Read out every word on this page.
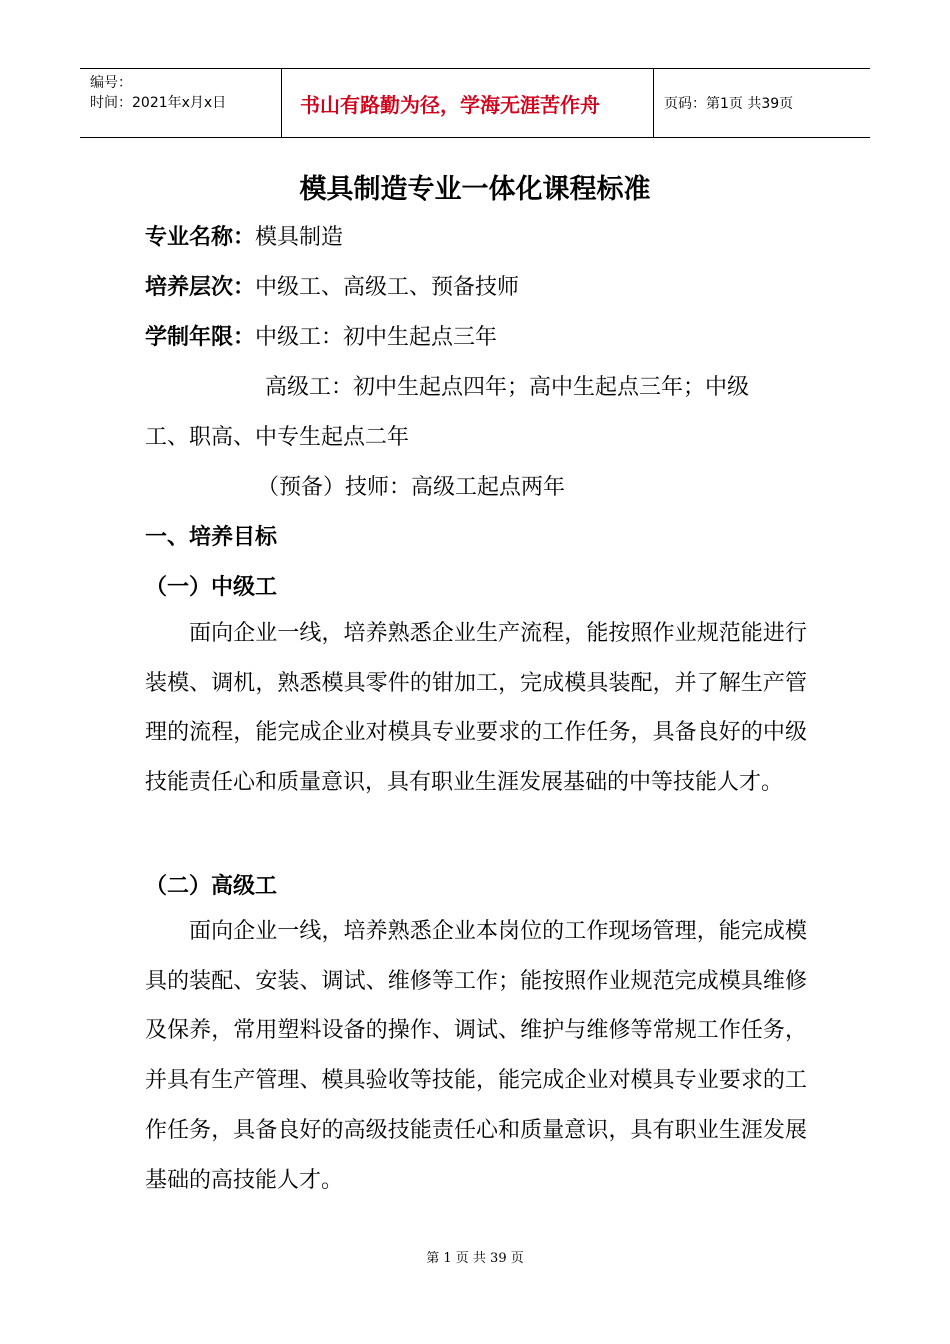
编号：
时间：2021年x月x日	书山有路勤为径，学海无涯苦作舟	页码：第1页 共39页
模具制造专业一体化课程标准
专业名称：模具制造
培养层次：中级工、高级工、预备技师
学制年限：中级工：初中生起点三年
高级工：初中生起点四年；高中生起点三年；中级
工、职高、中专生起点二年
（预备）技师：高级工起点两年
一、培养目标
（一）中级工
面向企业一线，培养熟悉企业生产流程，能按照作业规范能进行装模、调机，熟悉模具零件的钳加工，完成模具装配，并了解生产管理的流程，能完成企业对模具专业要求的工作任务，具备良好的中级技能责任心和质量意识，具有职业生涯发展基础的中等技能人才。
（二）高级工
面向企业一线，培养熟悉企业本岗位的工作现场管理，能完成模具的装配、安装、调试、维修等工作；能按照作业规范完成模具维修及保养，常用塑料设备的操作、调试、维护与维修等常规工作任务，并具有生产管理、模具验收等技能，能完成企业对模具专业要求的工作任务，具备良好的高级技能责任心和质量意识，具有职业生涯发展基础的高技能人才。
第 1 页 共 39 页
